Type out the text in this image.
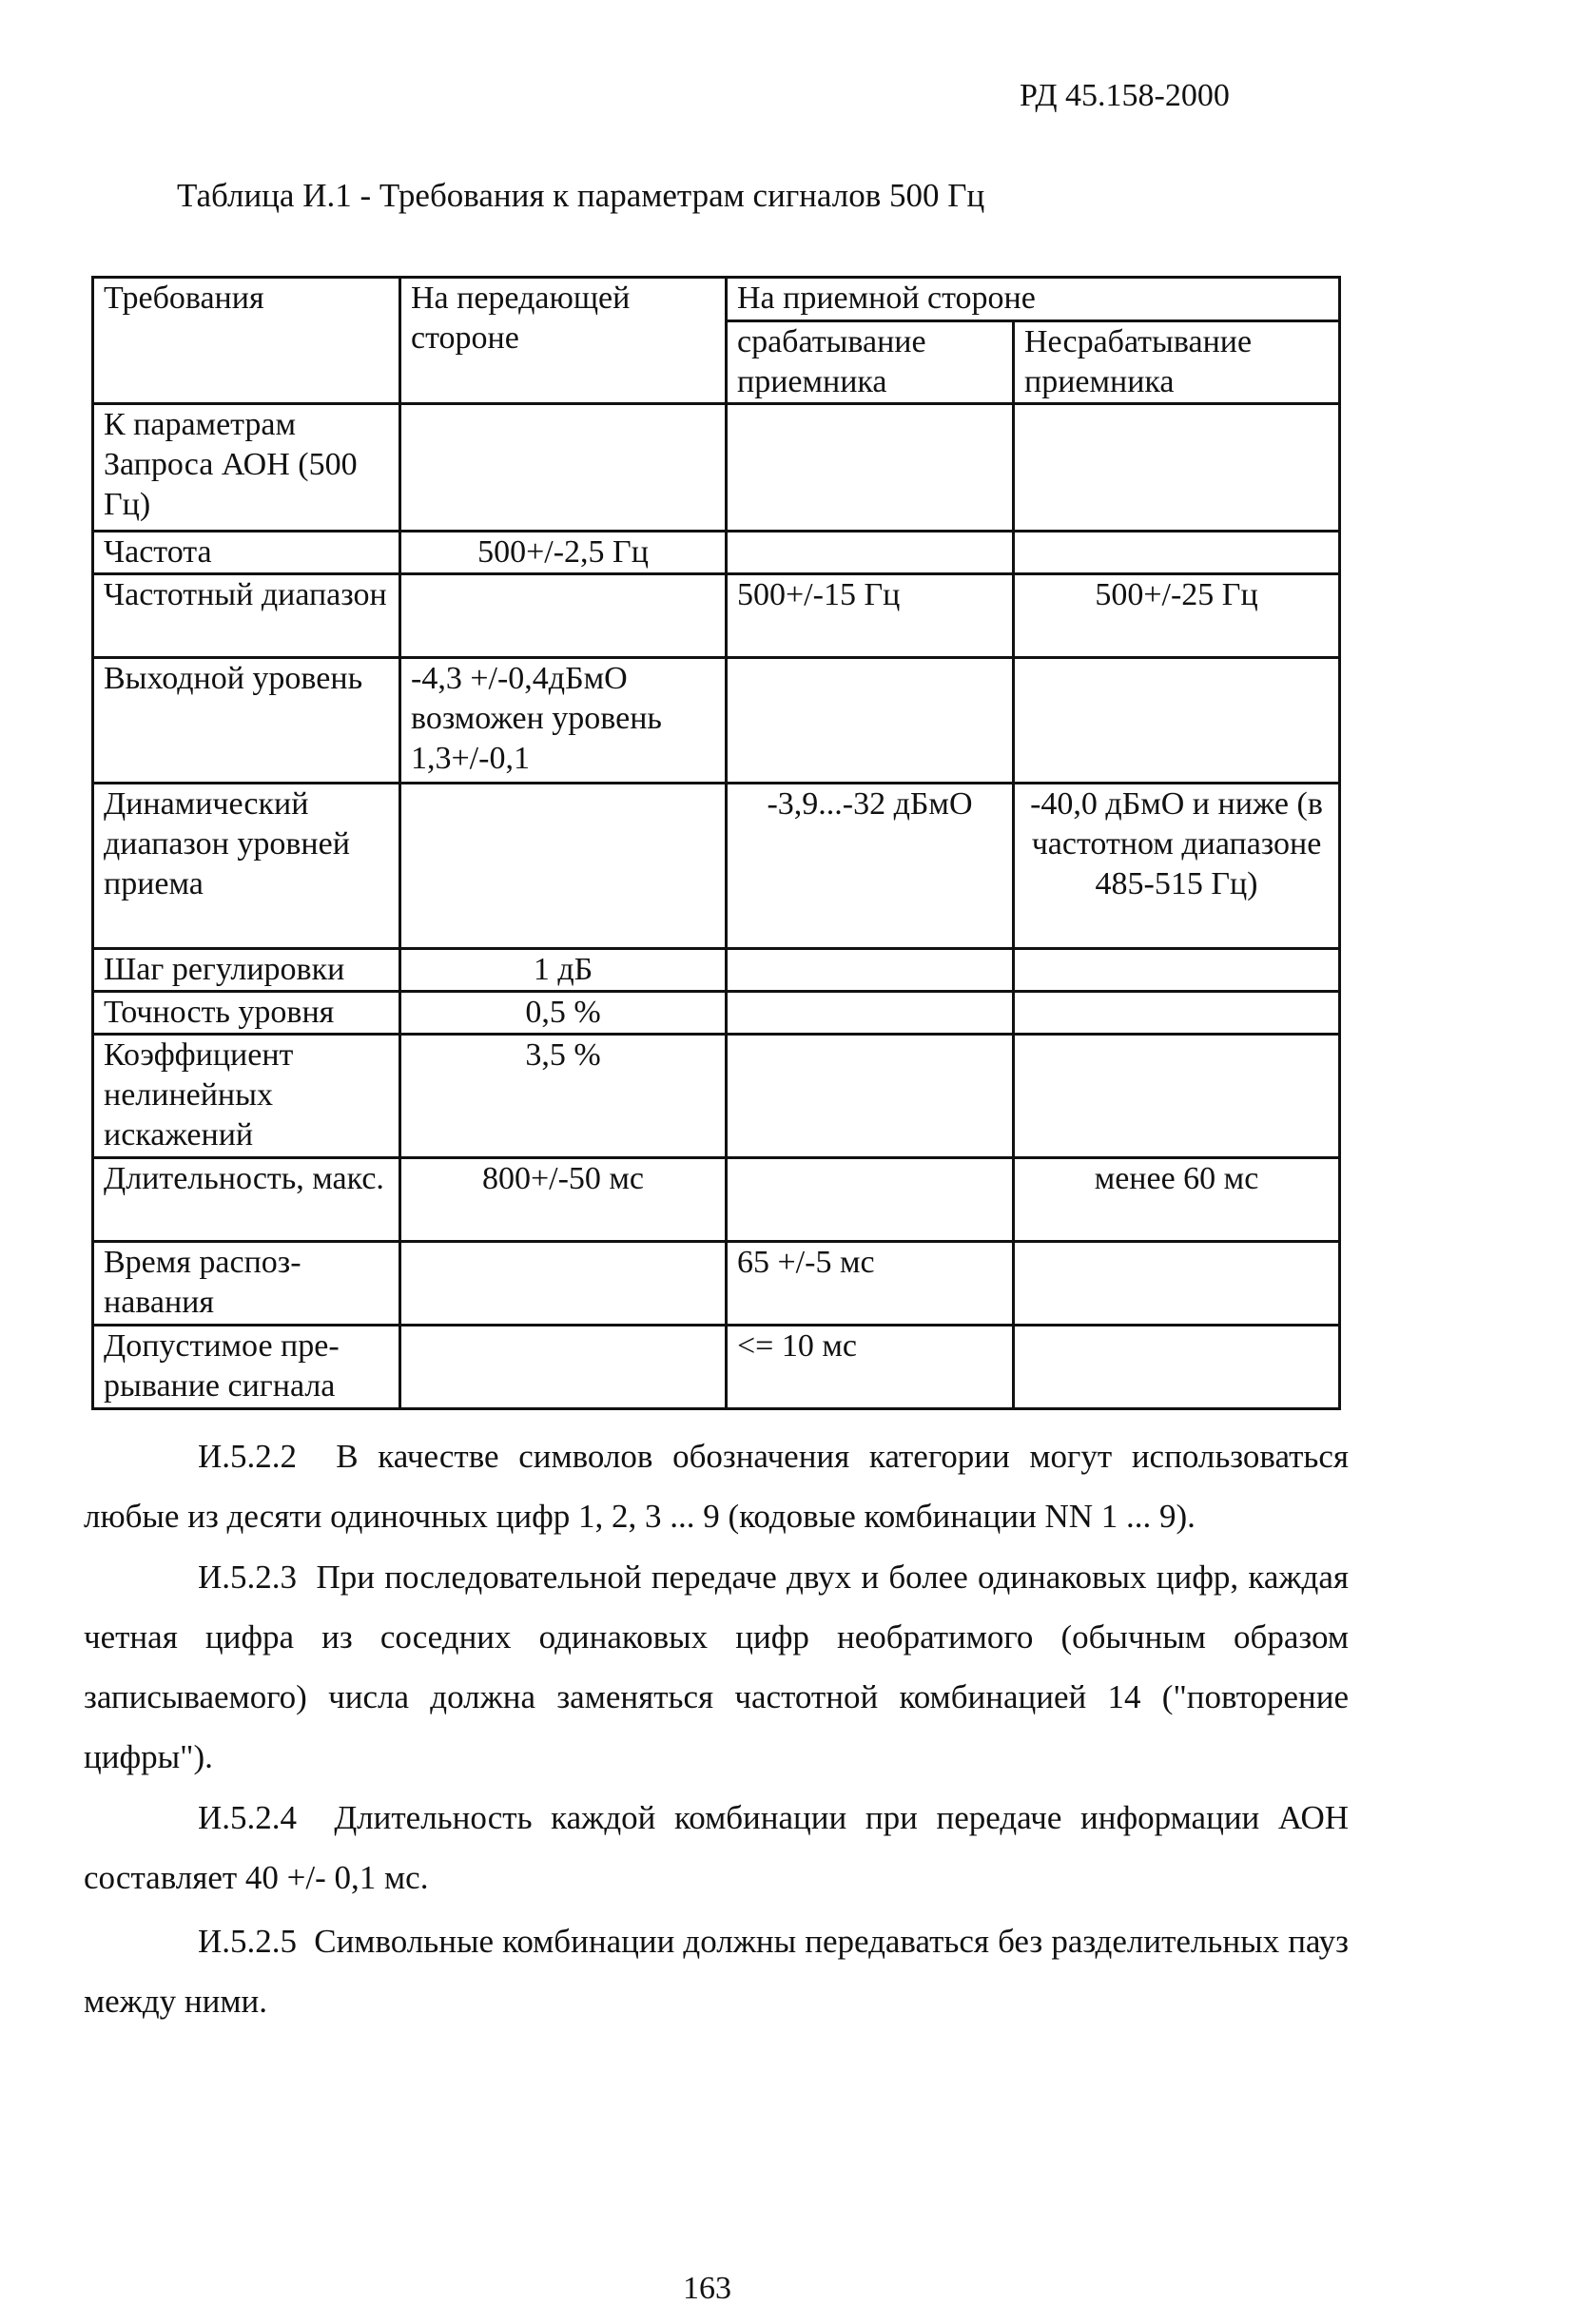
РД 45.158-2000
Таблица И.1 - Требования к параметрам сигналов 500 Гц
Требования	На передающей стороне	На приемной стороне	
		срабатывание приемника	Несрабатывание приемника
К параметрам Запроса АОН (500 Гц)			
Частота	500+/-2,5 Гц		
Частотный диапазон		500+/-15 Гц	500+/-25 Гц
Выходной уровень	-4,3 +/-0,4дБмО возможен уровень 1,3+/-0,1		
Динамический диапазон уровней приема		-3,9...-32 дБмО	-40,0 дБмО и ниже (в частотном диапазоне 485-515 Гц)
Шаг регулировки	1 дБ		
Точность уровня	0,5 %		
Коэффициент нелинейных искажений	3,5 %		
Длительность, макс.	800+/-50 мс		менее 60 мс
Время распоз- навания		65 +/-5 мс	
Допустимое пре- рывание сигнала		<= 10 мс	
И.5.2.2 В качестве символов обозначения категории могут использоваться любые из десяти одиночных цифр 1, 2, 3 ... 9 (кодовые комбинации NN 1 ... 9).
И.5.2.3 При последовательной передаче двух и более одинаковых цифр, каждая четная цифра из соседних одинаковых цифр необратимого (обычным образом записываемого) числа должна заменяться частотной комбинацией 14 ("повторение цифры").
И.5.2.4 Длительность каждой комбинации при передаче информации АОН составляет 40 +/- 0,1 мс.
И.5.2.5 Символьные комбинации должны передаваться без разделительных пауз между ними.
163
